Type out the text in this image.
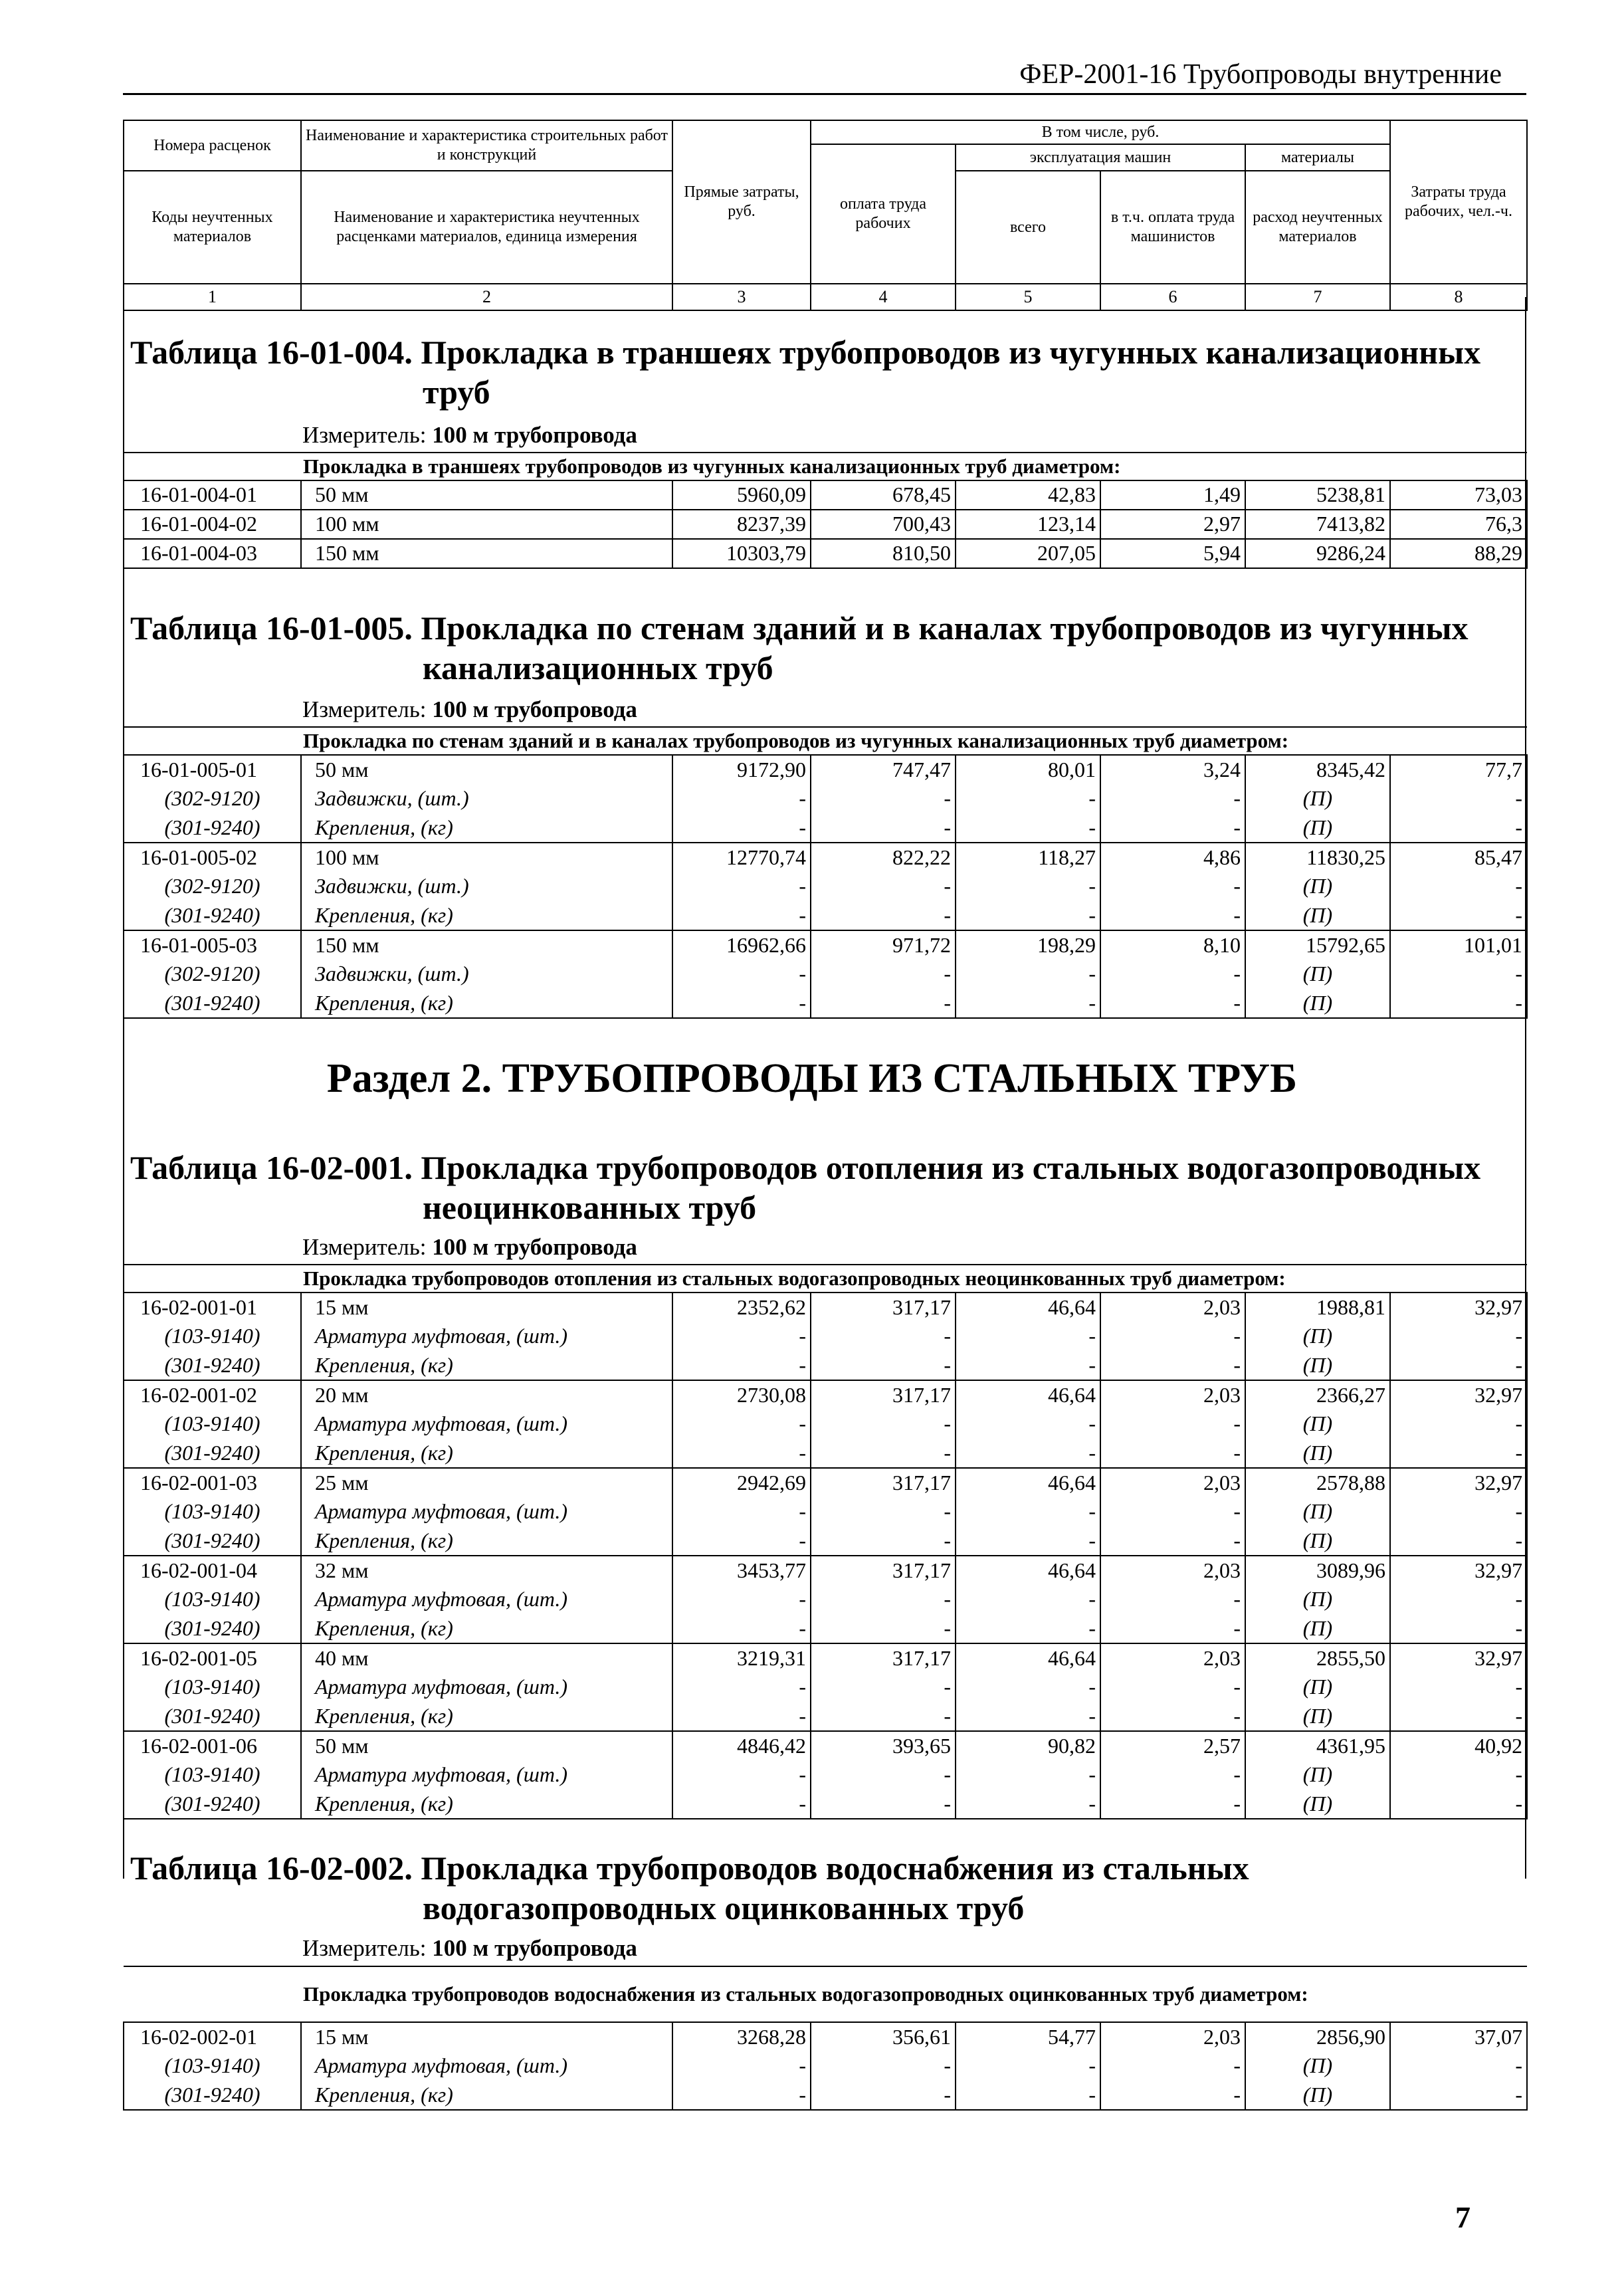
ФЕР-2001-16 Трубопроводы внутренние
Номера расценок	Наименование и характеристика строительных работ и конструкций	Прямые затраты, руб.	В том числе, руб.				Затраты труда рабочих, чел.-ч.
			оплата труда рабочих	эксплуатация машин		материалы	
Коды неучтенных материалов	Наименование и характеристика неучтенных расценками материалов, единица измерения			всего	в т.ч. оплата труда машинистов	расход неучтенных материалов	

1	2	3	4	5	6	7	8
Таблица 16-01-004. Прокладка в траншеях трубопроводов из чугунных канализационных
труб
Измеритель: 100 м трубопровода
Прокладка в траншеях трубопроводов из чугунных канализационных труб диаметром:							
16-01-004-01	50 мм	5960,09	678,45	42,83	1,49	5238,81	73,03
16-01-004-02	100 мм	8237,39	700,43	123,14	2,97	7413,82	76,3
16-01-004-03	150 мм	10303,79	810,50	207,05	5,94	9286,24	88,29
Таблица 16-01-005. Прокладка по стенам зданий и в каналах трубопроводов из чугунных
канализационных труб
Измеритель: 100 м трубопровода
Прокладка по стенам зданий и в каналах трубопроводов из чугунных канализационных труб диаметром:							
16-01-005-01	50 мм	9172,90	747,47	80,01	3,24	8345,42	77,7
(302-9120)	Задвижки, (шт.)	-	-	-	-	(П)	-
(301-9240)	Крепления, (кг)	-	-	-	-	(П)	-
16-01-005-02	100 мм	12770,74	822,22	118,27	4,86	11830,25	85,47
(302-9120)	Задвижки, (шт.)	-	-	-	-	(П)	-
(301-9240)	Крепления, (кг)	-	-	-	-	(П)	-
16-01-005-03	150 мм	16962,66	971,72	198,29	8,10	15792,65	101,01
(302-9120)	Задвижки, (шт.)	-	-	-	-	(П)	-
(301-9240)	Крепления, (кг)	-	-	-	-	(П)	-
Раздел 2. ТРУБОПРОВОДЫ ИЗ СТАЛЬНЫХ ТРУБ
Таблица 16-02-001. Прокладка трубопроводов отопления из стальных водогазопроводных
неоцинкованных труб
Измеритель: 100 м трубопровода
Прокладка трубопроводов отопления из стальных водогазопроводных неоцинкованных труб диаметром:							
16-02-001-01	15 мм	2352,62	317,17	46,64	2,03	1988,81	32,97
(103-9140)	Арматура муфтовая, (шт.)	-	-	-	-	(П)	-
(301-9240)	Крепления, (кг)	-	-	-	-	(П)	-
16-02-001-02	20 мм	2730,08	317,17	46,64	2,03	2366,27	32,97
(103-9140)	Арматура муфтовая, (шт.)	-	-	-	-	(П)	-
(301-9240)	Крепления, (кг)	-	-	-	-	(П)	-
16-02-001-03	25 мм	2942,69	317,17	46,64	2,03	2578,88	32,97
(103-9140)	Арматура муфтовая, (шт.)	-	-	-	-	(П)	-
(301-9240)	Крепления, (кг)	-	-	-	-	(П)	-
16-02-001-04	32 мм	3453,77	317,17	46,64	2,03	3089,96	32,97
(103-9140)	Арматура муфтовая, (шт.)	-	-	-	-	(П)	-
(301-9240)	Крепления, (кг)	-	-	-	-	(П)	-
16-02-001-05	40 мм	3219,31	317,17	46,64	2,03	2855,50	32,97
(103-9140)	Арматура муфтовая, (шт.)	-	-	-	-	(П)	-
(301-9240)	Крепления, (кг)	-	-	-	-	(П)	-
16-02-001-06	50 мм	4846,42	393,65	90,82	2,57	4361,95	40,92
(103-9140)	Арматура муфтовая, (шт.)	-	-	-	-	(П)	-
(301-9240)	Крепления, (кг)	-	-	-	-	(П)	-
Таблица 16-02-002. Прокладка трубопроводов водоснабжения из стальных
водогазопроводных оцинкованных труб
Измеритель: 100 м трубопровода
Прокладка трубопроводов водоснабжения из стальных водогазопроводных оцинкованных труб диаметром:							
16-02-002-01	15 мм	3268,28	356,61	54,77	2,03	2856,90	37,07
(103-9140)	Арматура муфтовая, (шт.)	-	-	-	-	(П)	-
(301-9240)	Крепления, (кг)	-	-	-	-	(П)	-
7
